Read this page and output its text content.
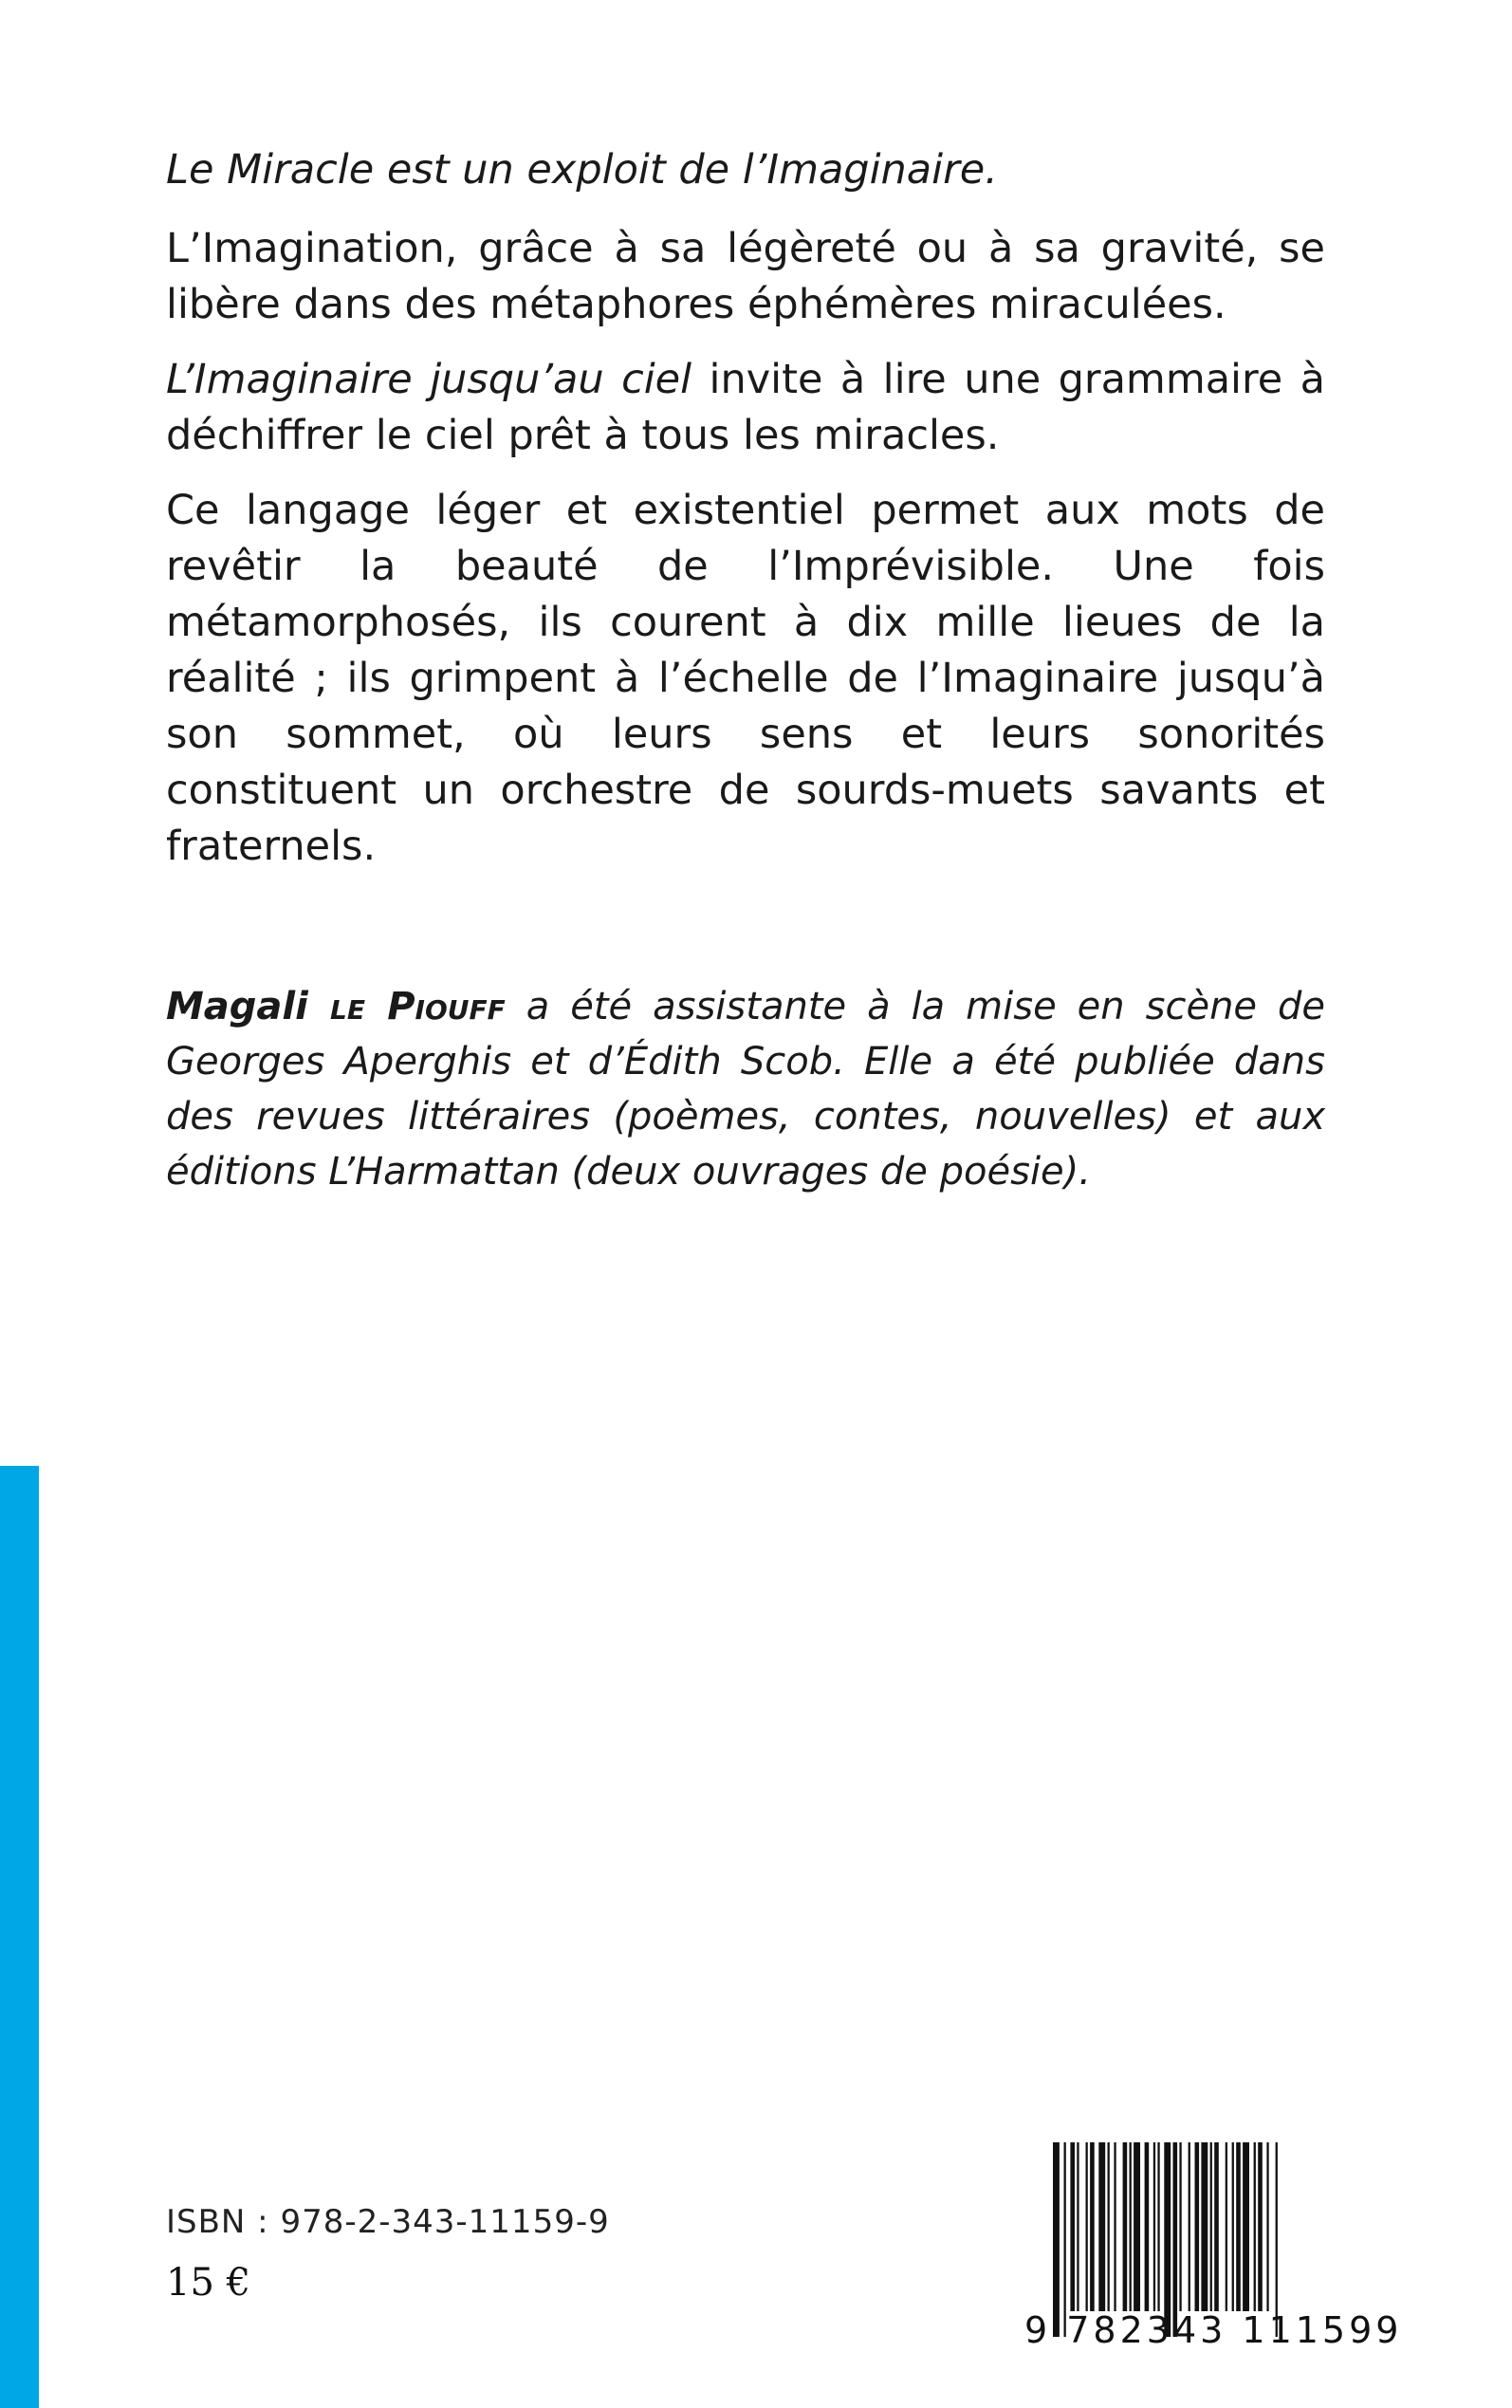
Le Miracle est un exploit de l’Imaginaire.

L’Imagination, grâce à sa légèreté ou à sa gravité, se libère dans des métaphores éphémères miraculées.

L’Imaginaire jusqu’au ciel invite à lire une grammaire à déchiffrer le ciel prêt à tous les miracles.

Ce langage léger et existentiel permet aux mots de revêtir la beauté de l’Imprévisible. Une fois métamorphosés, ils courent à dix mille lieues de la réalité ; ils grimpent à l’échelle de l’Imaginaire jusqu’à son sommet, où leurs sens et leurs sonorités constituent un orchestre de sourds-muets savants et fraternels.

Magali le Piouff a été assistante à la mise en scène de Georges Aperghis et d’Édith Scob. Elle a été publiée dans des revues littéraires (poèmes, contes, nouvelles) et aux éditions L’Harmattan (deux ouvrages de poésie).

ISBN : 978-2-343-11159-9
15 €
9 782343 111599
